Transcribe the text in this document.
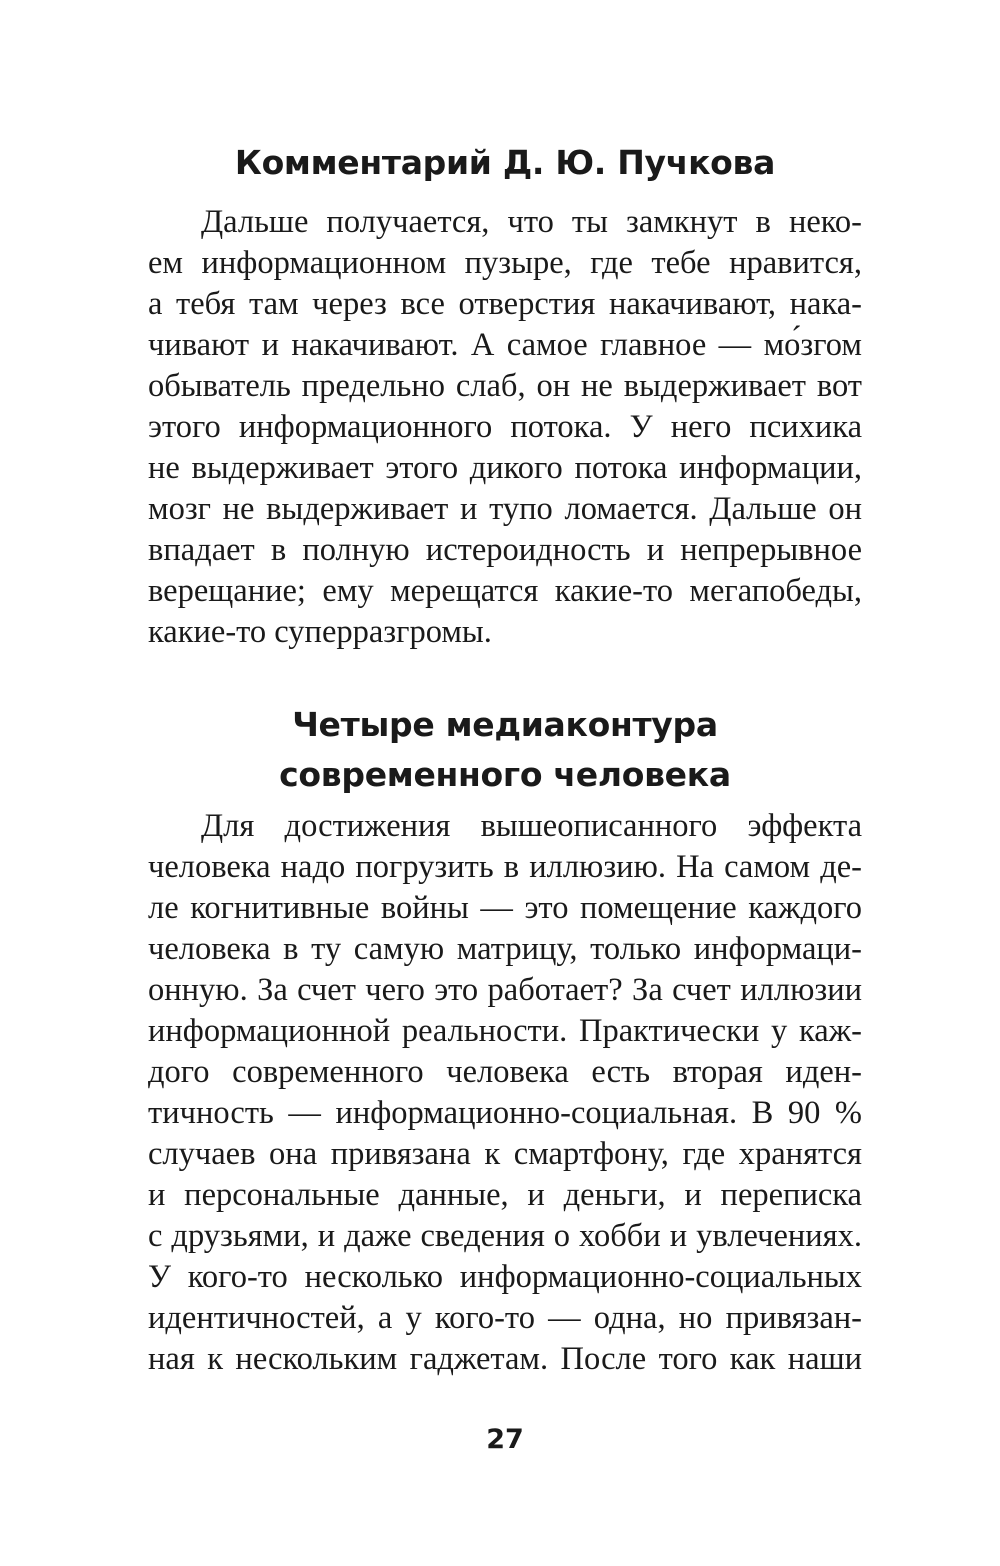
Комментарий Д. Ю. Пучкова
Дальше получается, что ты замкнут в неко-
ем информационном пузыре, где тебе нравится,
а тебя там через все отверстия накачивают, нака-
чивают и накачивают. А самое главное — мо́згом
обыватель предельно слаб, он не выдерживает вот
этого информационного потока. У него психика
не выдерживает этого дикого потока информации,
мозг не выдерживает и тупо ломается. Дальше он
впадает в полную истероидность и непрерывное
верещание; ему мерещатся какие-то мегапобеды,
какие-то суперразгромы.
Четыре медиаконтура
современного человека
Для достижения вышеописанного эффекта
человека надо погрузить в иллюзию. На самом де-
ле когнитивные войны — это помещение каждого
человека в ту самую матрицу, только информаци-
онную. За счет чего это работает? За счет иллюзии
информационной реальности. Практически у каж-
дого современного человека есть вторая иден-
тичность — информационно-социальная. В 90 %
случаев она привязана к смартфону, где хранятся
и персональные данные, и деньги, и переписка
с друзьями, и даже сведения о хобби и увлечениях.
У кого-то несколько информационно-социальных
идентичностей, а у кого-то — одна, но привязан-
ная к нескольким гаджетам. После того как наши
27
